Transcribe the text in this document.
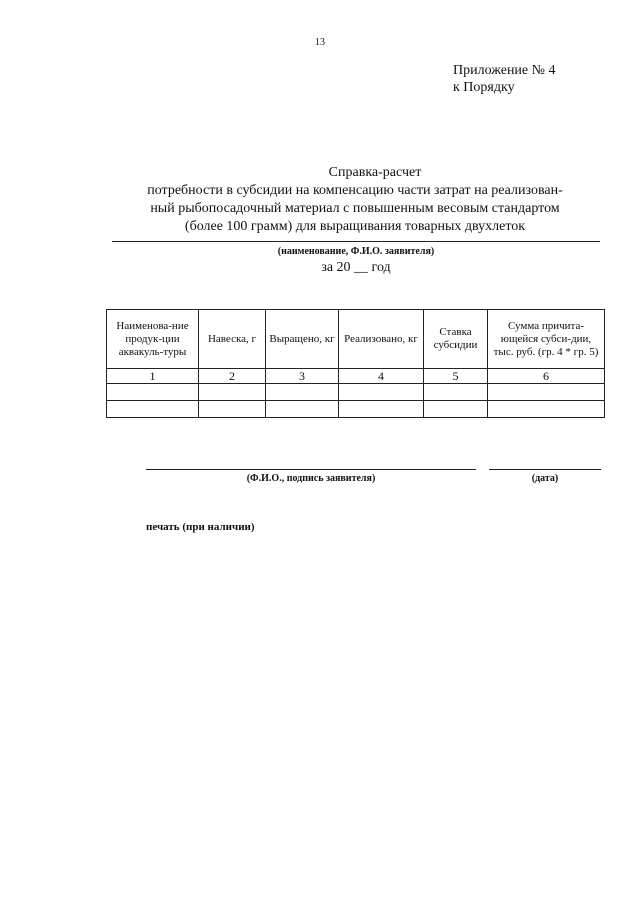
13
Приложение № 4
к Порядку
Справка-расчет
потребности в субсидии на компенсацию части затрат на реализован-
ный рыбопосадочный материал с повышенным весовым стандартом
(более 100 грамм) для выращивания товарных двухлеток
(наименование, Ф.И.О. заявителя)
за 20 __ год
Наименова-ние продук-ции аквакуль-туры	Навеска, г	Выращено, кг	Реализовано, кг	Ставка субсидии	Сумма причита-ющейся субси-дии, тыс. руб. (гр. 4 * гр. 5)
1	2	3	4	5	6

(Ф.И.О., подпись заявителя)	(дата)
печать (при наличии)
